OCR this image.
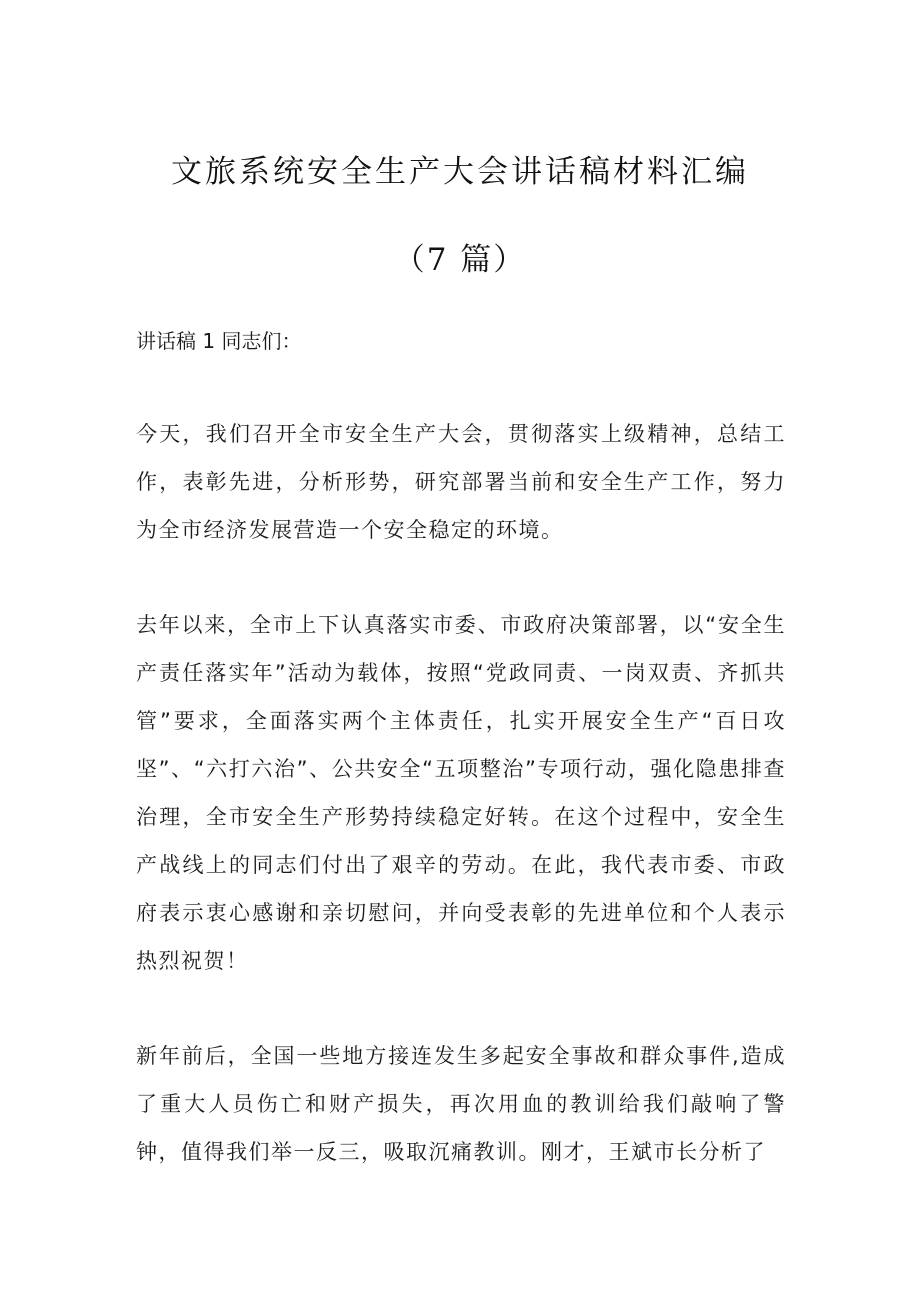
文旅系统安全生产大会讲话稿材料汇编
（7 篇）

讲话稿 1 同志们：

今天，我们召开全市安全生产大会，贯彻落实上级精神，总结工作，表彰先进，分析形势，研究部署当前和安全生产工作，努力为全市经济发展营造一个安全稳定的环境。

去年以来，全市上下认真落实市委、市政府决策部署，以“安全生产责任落实年”活动为载体，按照“党政同责、一岗双责、齐抓共管”要求，全面落实两个主体责任，扎实开展安全生产“百日攻坚”、“六打六治”、公共安全“五项整治”专项行动，强化隐患排查治理，全市安全生产形势持续稳定好转。在这个过程中，安全生产战线上的同志们付出了艰辛的劳动。在此，我代表市委、市政府表示衷心感谢和亲切慰问，并向受表彰的先进单位和个人表示热烈祝贺！

新年前后，全国一些地方接连发生多起安全事故和群众事件,造成了重大人员伤亡和财产损失，再次用血的教训给我们敲响了警钟，值得我们举一反三，吸取沉痛教训。刚才，王斌市长分析了
